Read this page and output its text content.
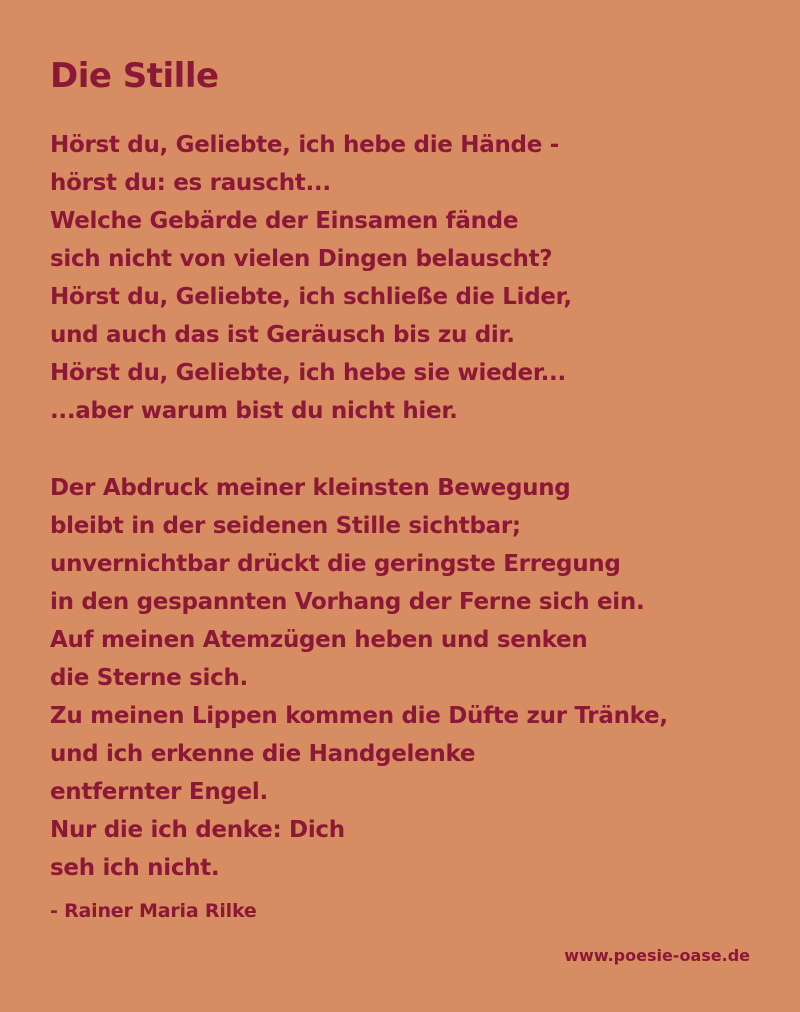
Die Stille
Hörst du, Geliebte, ich hebe die Hände -
hörst du: es rauscht...
Welche Gebärde der Einsamen fände
sich nicht von vielen Dingen belauscht?
Hörst du, Geliebte, ich schließe die Lider,
und auch das ist Geräusch bis zu dir.
Hörst du, Geliebte, ich hebe sie wieder...
...aber warum bist du nicht hier.
Der Abdruck meiner kleinsten Bewegung
bleibt in der seidenen Stille sichtbar;
unvernichtbar drückt die geringste Erregung
in den gespannten Vorhang der Ferne sich ein.
Auf meinen Atemzügen heben und senken
die Sterne sich.
Zu meinen Lippen kommen die Düfte zur Tränke,
und ich erkenne die Handgelenke
entfernter Engel.
Nur die ich denke: Dich
seh ich nicht.
- Rainer Maria Rilke
www.poesie-oase.de
